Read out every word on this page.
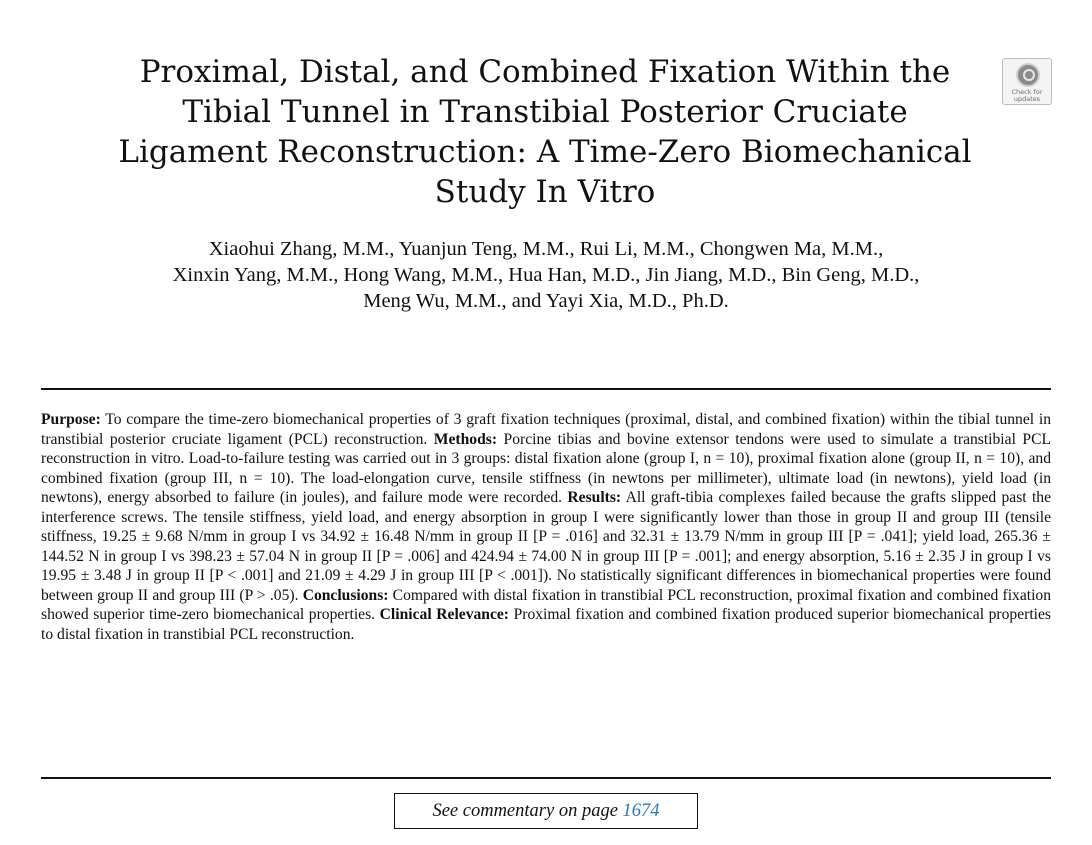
Proximal, Distal, and Combined Fixation Within the Tibial Tunnel in Transtibial Posterior Cruciate Ligament Reconstruction: A Time-Zero Biomechanical Study In Vitro
Check for
updates
Xiaohui Zhang, M.M., Yuanjun Teng, M.M., Rui Li, M.M., Chongwen Ma, M.M.,
Xinxin Yang, M.M., Hong Wang, M.M., Hua Han, M.D., Jin Jiang, M.D., Bin Geng, M.D.,
Meng Wu, M.M., and Yayi Xia, M.D., Ph.D.

Purpose: To compare the time-zero biomechanical properties of 3 graft fixation techniques (proximal, distal, and combined fixation) within the tibial tunnel in transtibial posterior cruciate ligament (PCL) reconstruction. Methods: Porcine tibias and bovine extensor tendons were used to simulate a transtibial PCL reconstruction in vitro. Load-to-failure testing was carried out in 3 groups: distal fixation alone (group I, n = 10), proximal fixation alone (group II, n = 10), and combined fixation (group III, n = 10). The load-elongation curve, tensile stiffness (in newtons per millimeter), ultimate load (in newtons), yield load (in newtons), energy absorbed to failure (in joules), and failure mode were recorded. Results: All graft-tibia complexes failed because the grafts slipped past the interference screws. The tensile stiffness, yield load, and energy absorption in group I were significantly lower than those in group II and group III (tensile stiffness, 19.25 ± 9.68 N/mm in group I vs 34.92 ± 16.48 N/mm in group II [P = .016] and 32.31 ± 13.79 N/mm in group III [P = .041]; yield load, 265.36 ± 144.52 N in group I vs 398.23 ± 57.04 N in group II [P = .006] and 424.94 ± 74.00 N in group III [P = .001]; and energy absorption, 5.16 ± 2.35 J in group I vs 19.95 ± 3.48 J in group II [P < .001] and 21.09 ± 4.29 J in group III [P < .001]). No statistically significant differences in biomechanical properties were found between group II and group III (P > .05). Conclusions: Compared with distal fixation in transtibial PCL reconstruction, proximal fixation and combined fixation showed superior time-zero biomechanical properties. Clinical Relevance: Proximal fixation and combined fixation produced superior biomechanical properties to distal fixation in transtibial PCL reconstruction.

See commentary on page 1674
